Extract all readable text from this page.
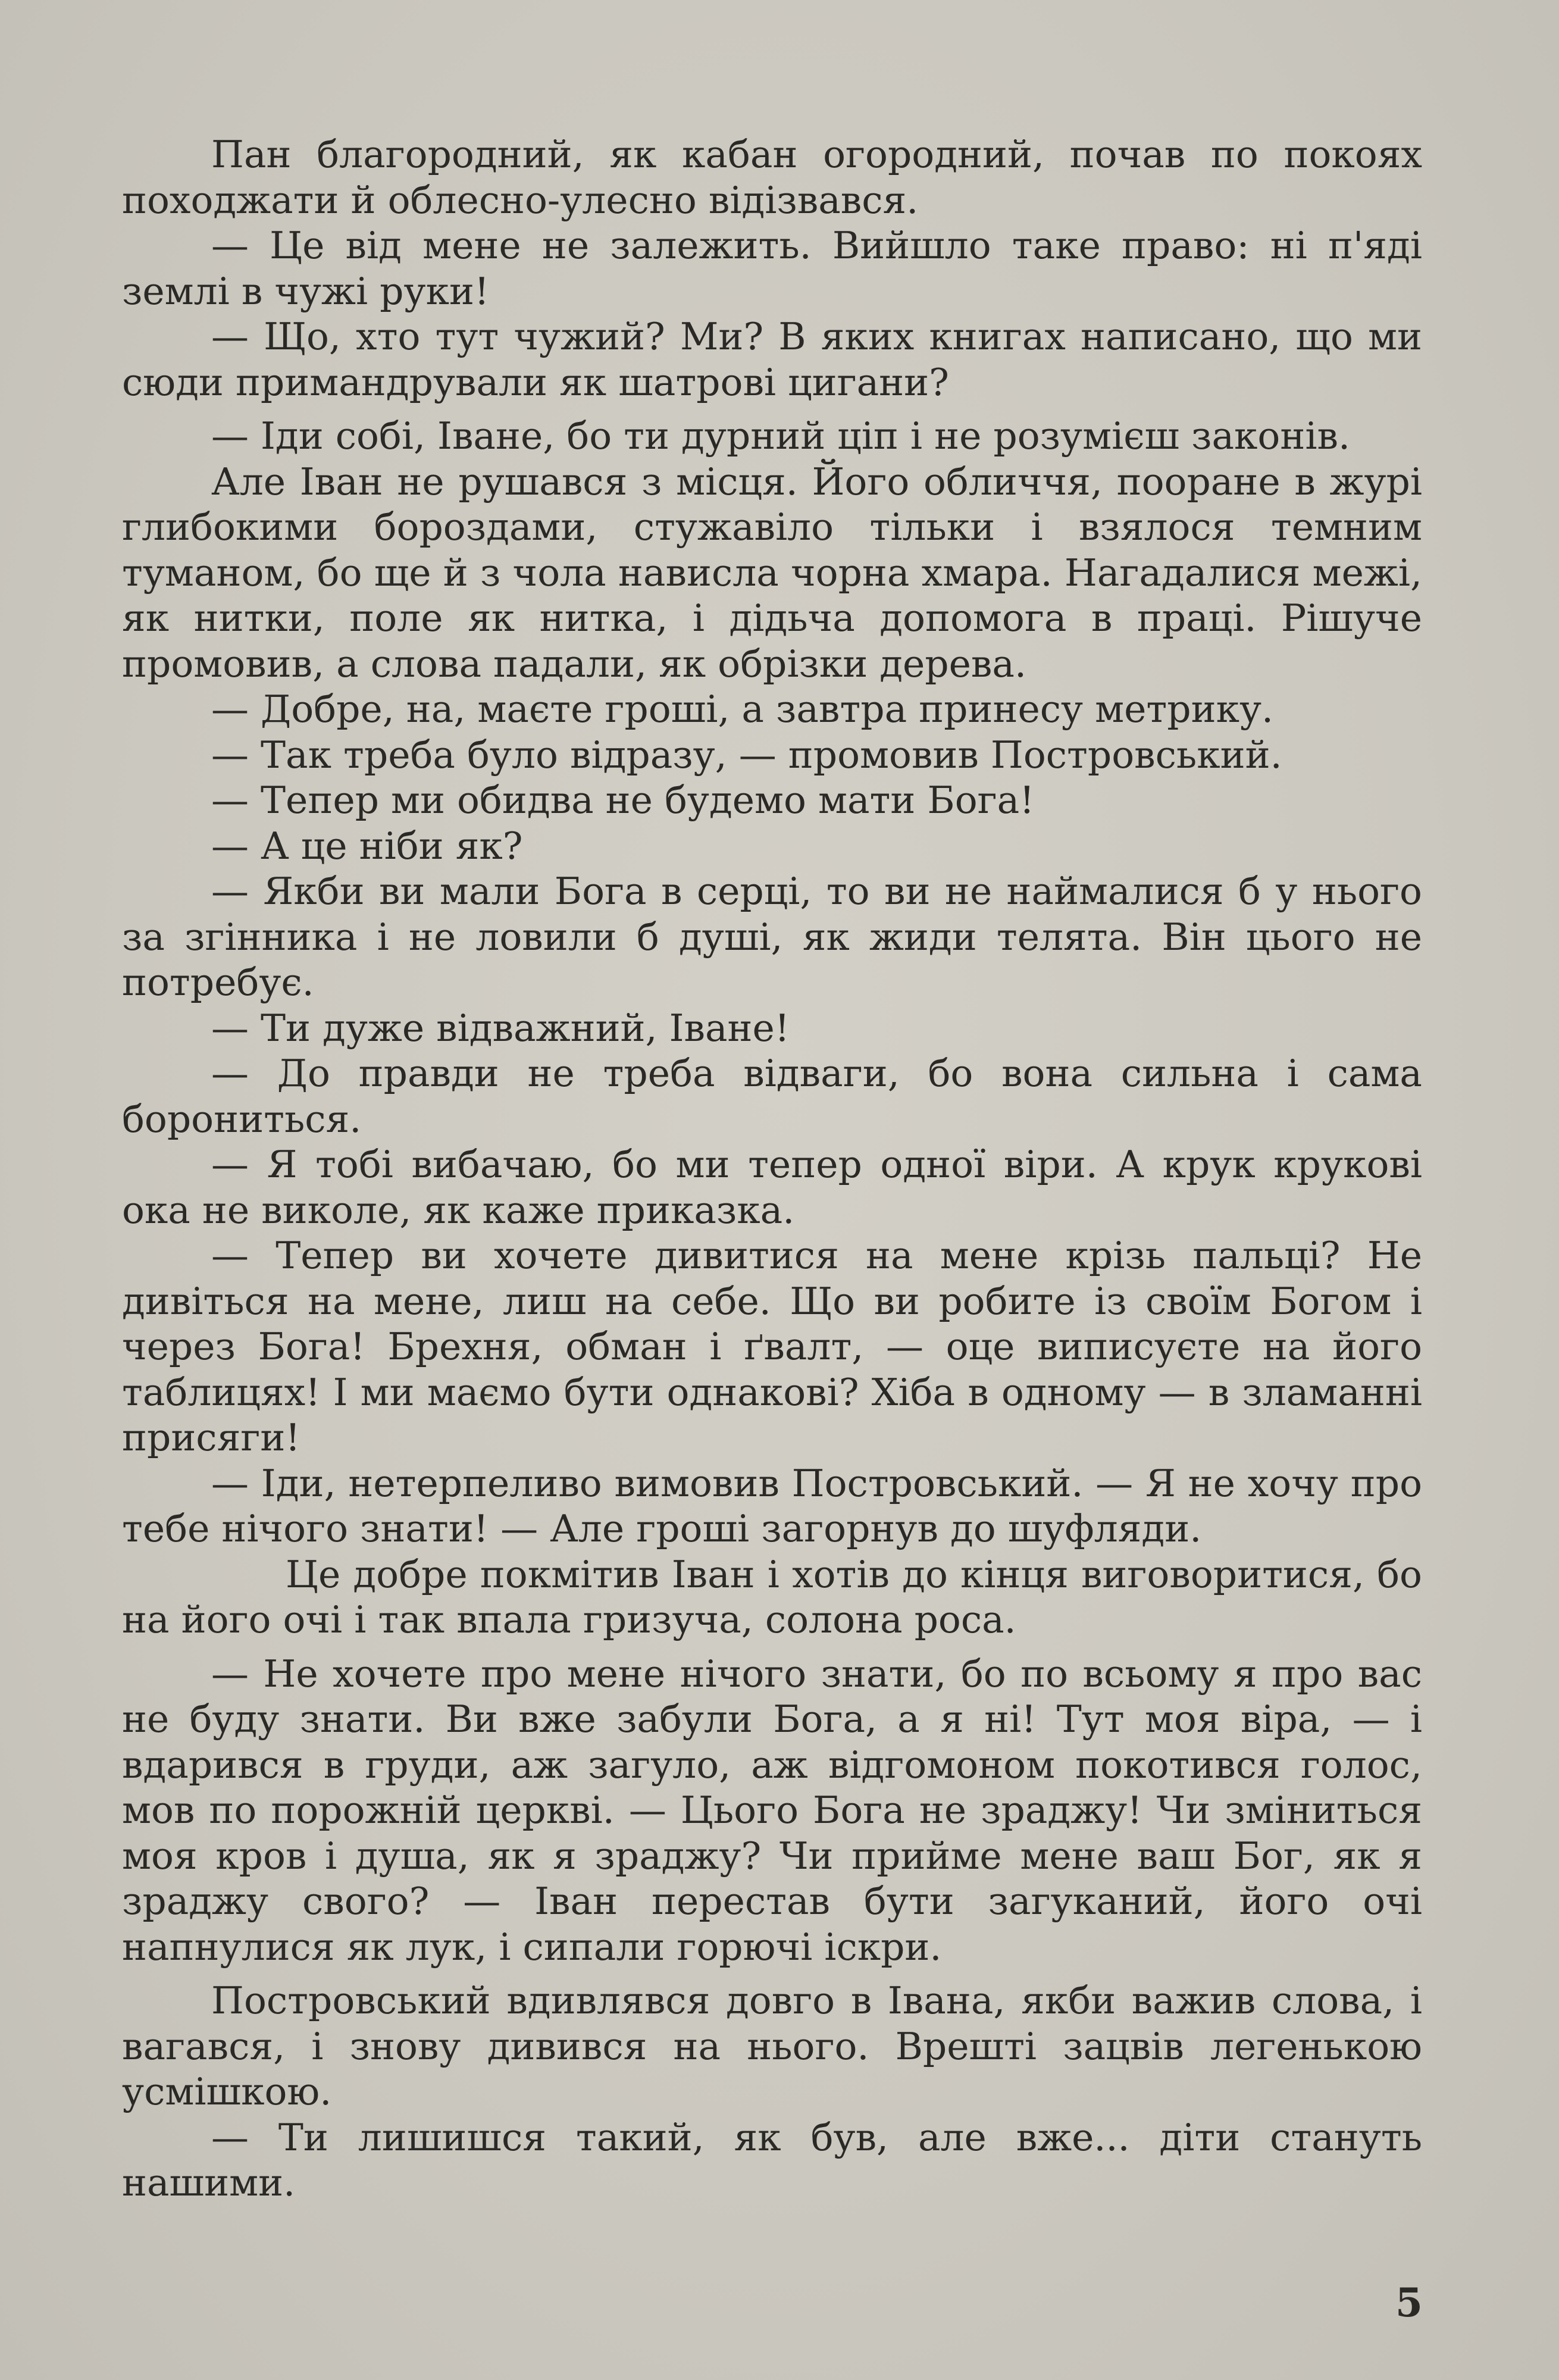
Пан благородний, як кабан огородний, почав по покоях походжати й облесно-улесно відізвався.

— Це від мене не залежить. Вийшло таке право: ні п'яді землі в чужі руки!

— Що, хто тут чужий? Ми? В яких книгах написано, що ми сюди примандрували як шатрові цигани?

— Іди собі, Іване, бо ти дурний ціп і не розумієш законів.

Але Іван не рушався з місця. Його обличчя, пооране в журі глибокими бороздами, стужавіло тільки і взялося темним туманом, бо ще й з чола нависла чорна хмара. Нагадалися межі, як нитки, поле як нитка, і дідьча допомога в праці. Рішуче промовив, а слова падали, як обрізки дерева.

— Добре, на, маєте гроші, а завтра принесу метрику.

— Так треба було відразу, — промовив Постровський.

— Тепер ми обидва не будемо мати Бога!

— А це ніби як?

— Якби ви мали Бога в серці, то ви не наймалися б у нього за згінника і не ловили б душі, як жиди телята. Він цього не потребує.

— Ти дуже відважний, Іване!

— До правди не треба відваги, бо вона сильна і сама борониться.

— Я тобі вибачаю, бо ми тепер одної віри. А крук крукові ока не виколе, як каже приказка.

— Тепер ви хочете дивитися на мене крізь пальці? Не дивіться на мене, лиш на себе. Що ви робите із своїм Богом і через Бога! Брехня, обман і ґвалт, — оце виписуєте на його таблицях! І ми маємо бути однакові? Хіба в одному — в зламанні присяги!

— Іди, нетерпеливо вимовив Постровський. — Я не хочу про тебе нічого знати! — Але гроші загорнув до шуфляди.

Це добре покмітив Іван і хотів до кінця виговоритися, бо на його очі і так впала гризуча, солона роса.

— Не хочете про мене нічого знати, бо по всьому я про вас не буду знати. Ви вже забули Бога, а я ні! Тут моя віра, — і вдарився в груди, аж загуло, аж відгомоном покотився голос, мов по порожній церкві. — Цього Бога не зраджу! Чи зміниться моя кров і душа, як я зраджу? Чи прийме мене ваш Бог, як я зраджу свого? — Іван перестав бути загуканий, його очі напнулися як лук, і сипали горючі іскри.

Постровський вдивлявся довго в Івана, якби важив слова, і вагався, і знову дивився на нього. Врешті зацвів легенькою усмішкою.

— Ти лишишся такий, як був, але вже... діти стануть нашими.

5
